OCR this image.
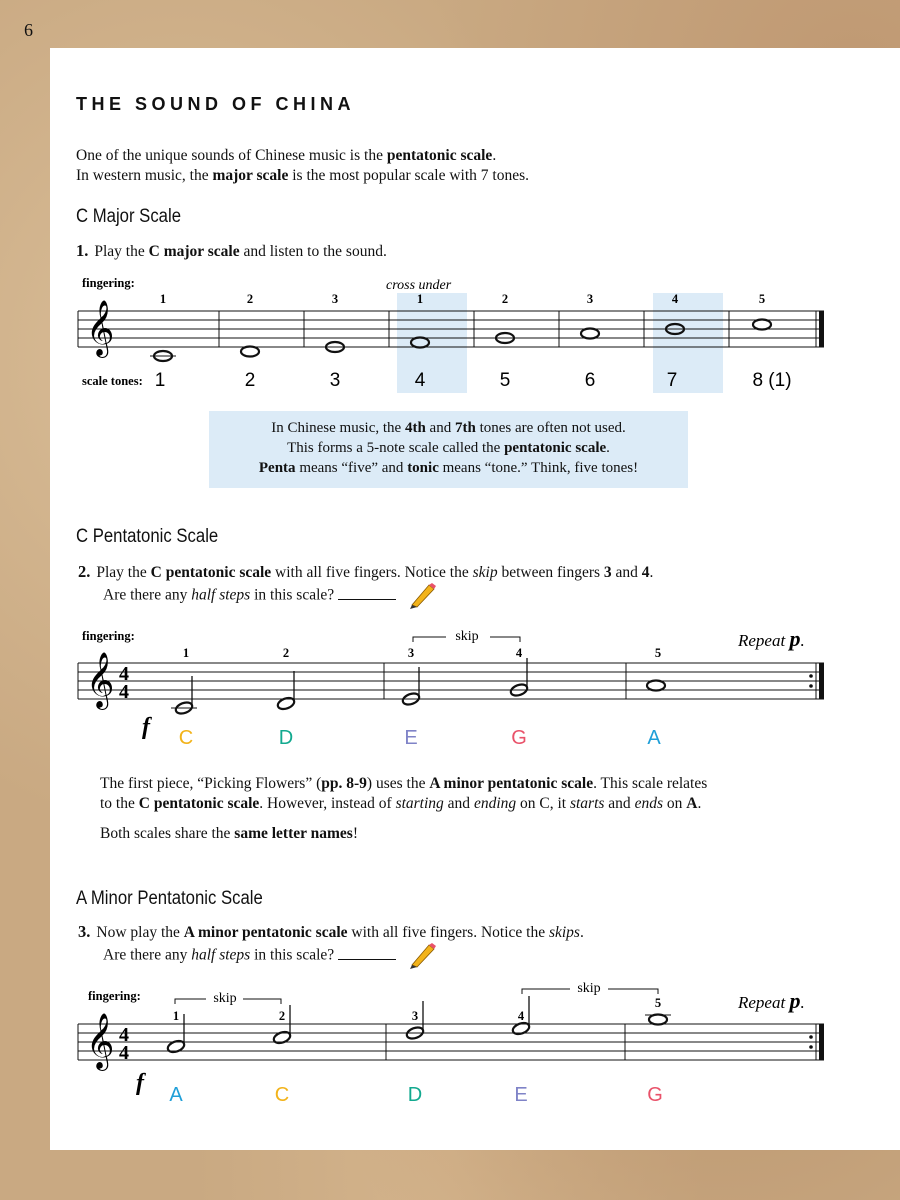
6
THE SOUND OF CHINA
One of the unique sounds of Chinese music is the pentatonic scale.
In western music, the major scale is the most popular scale with 7 tones.
C Major Scale
1. Play the C major scale and listen to the sound.
𝄞
fingering:	cross under
1	2	3	1	2	3	4	5
scale tones: 1	2	3	4	5	6	7	8 (1)
In Chinese music, the 4th and 7th tones are often not used.
This forms a 5-note scale called the pentatonic scale.
Penta means “five” and tonic means “tone.” Think, five tones!
C Pentatonic Scale
2. Play the C pentatonic scale with all five fingers. Notice the skip between fingers 3 and 4.
Are there any half steps in this scale?
𝄞 4
4
fingering:
1	2	3	4	5
skip	Repeat p.
f C	D	E	G	A
The first piece, “Picking Flowers” (pp. 8-9) uses the A minor pentatonic scale. This scale relates
to the C pentatonic scale. However, instead of starting and ending on C, it starts and ends on A.
Both scales share the same letter names!
A Minor Pentatonic Scale
3. Now play the A minor pentatonic scale with all five fingers. Notice the skips.
Are there any half steps in this scale?
𝄞 4
4
fingering:
1	2	3	4
5
skip
skip
Repeat p.
f A	C	D	E	G
